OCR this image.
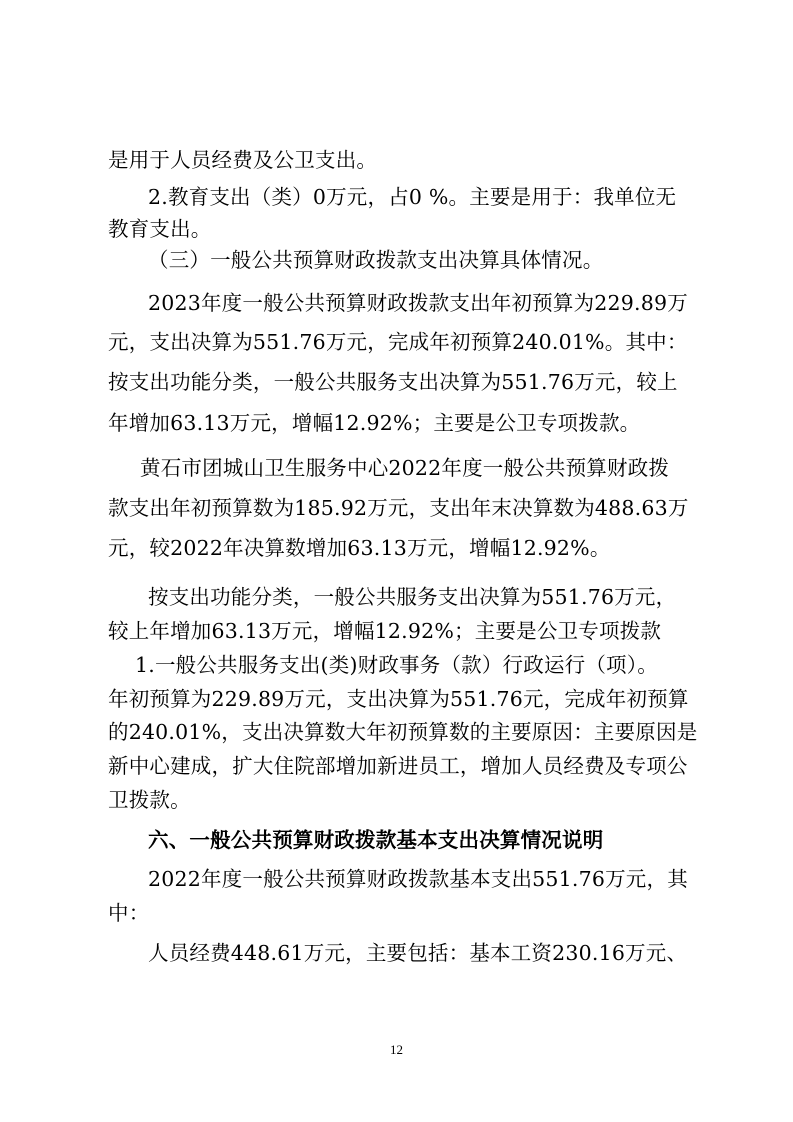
是用于人员经费及公卫支出。
2.教育支出（类）0万元，占0 %。主要是用于：我单位无
教育支出。
（三）一般公共预算财政拨款支出决算具体情况。
2023年度一般公共预算财政拨款支出年初预算为229.89万
元，支出决算为551.76万元，完成年初预算240.01%。其中：
按支出功能分类，一般公共服务支出决算为551.76万元，较上
年增加63.13万元，增幅12.92%；主要是公卫专项拨款。
黄石市团城山卫生服务中心2022年度一般公共预算财政拨
款支出年初预算数为185.92万元，支出年末决算数为488.63万
元，较2022年决算数增加63.13万元，增幅12.92%。
按支出功能分类，一般公共服务支出决算为551.76万元，
较上年增加63.13万元，增幅12.92%；主要是公卫专项拨款
1.一般公共服务支出(类)财政事务（款）行政运行（项）。
年初预算为229.89万元，支出决算为551.76元，完成年初预算
的240.01%，支出决算数大年初预算数的主要原因：主要原因是
新中心建成，扩大住院部增加新进员工，增加人员经费及专项公
卫拨款。
六、一般公共预算财政拨款基本支出决算情况说明
2022年度一般公共预算财政拨款基本支出551.76万元，其
中：
人员经费448.61万元，主要包括：基本工资230.16万元、
12
